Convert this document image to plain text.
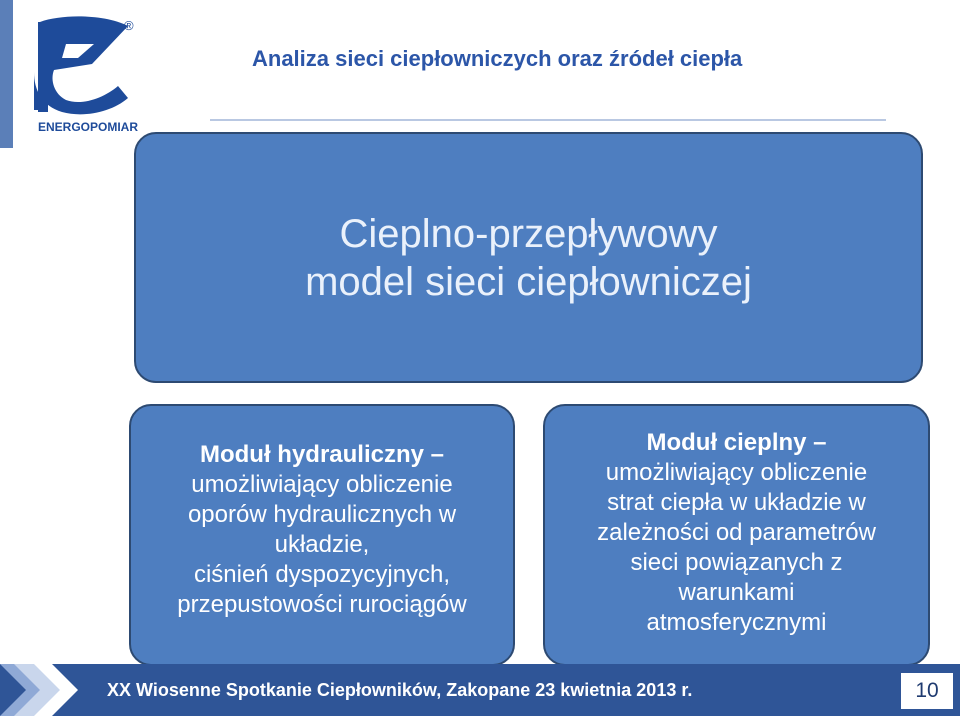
ENERGOPOMIAR
®
Analiza sieci ciepłowniczych oraz źródeł ciepła
Cieplno-przepływowy
model sieci ciepłowniczej
Moduł hydrauliczny –
umożliwiający obliczenie
oporów hydraulicznych w
układzie,
ciśnień dyspozycyjnych,
przepustowości rurociągów
Moduł cieplny –
umożliwiający obliczenie
strat ciepła w układzie w
zależności od parametrów
sieci powiązanych z
warunkami
atmosferycznymi
XX Wiosenne Spotkanie Ciepłowników, Zakopane 23 kwietnia 2013 r.	10
